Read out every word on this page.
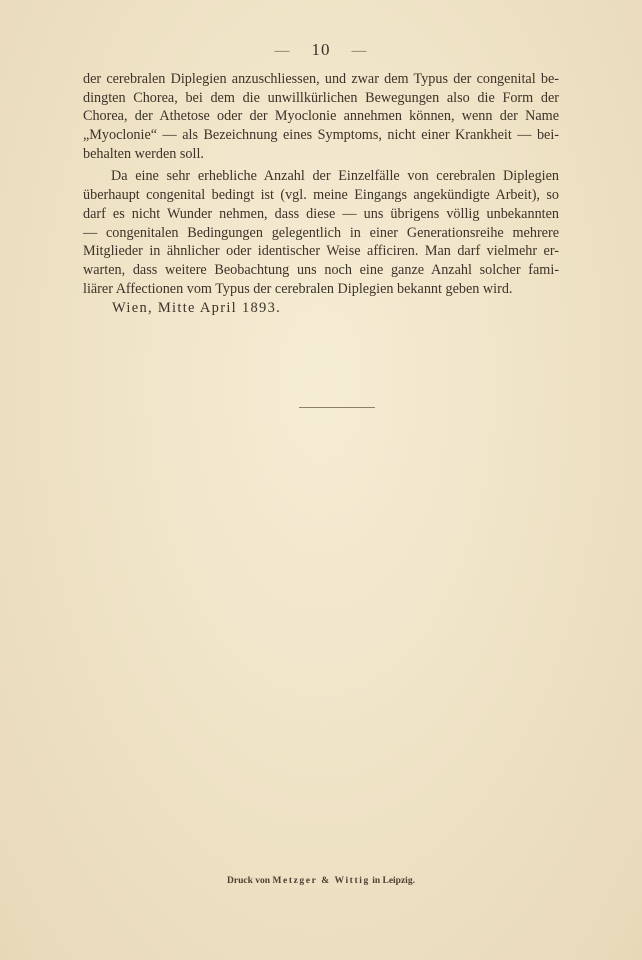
— 10 —
der cerebralen Diplegien anzuschliessen, und zwar dem Typus der congenital be-
dingten Chorea, bei dem die unwillkürlichen Bewegungen also die Form der
Chorea, der Athetose oder der Myoclonie annehmen können, wenn der Name
„Myoclonie“ — als Bezeichnung eines Symptoms, nicht einer Krankheit — bei-
behalten werden soll.
Da eine sehr erhebliche Anzahl der Einzelfälle von cerebralen Diplegien
überhaupt congenital bedingt ist (vgl. meine Eingangs angekündigte Arbeit), so
darf es nicht Wunder nehmen, dass diese — uns übrigens völlig unbekannten
— congenitalen Bedingungen gelegentlich in einer Generationsreihe mehrere
Mitglieder in ähnlicher oder identischer Weise afficiren. Man darf vielmehr er-
warten, dass weitere Beobachtung uns noch eine ganze Anzahl solcher fami-
liärer Affectionen vom Typus der cerebralen Diplegien bekannt geben wird.
Wien, Mitte April 1893.
Druck von Metzger & Wittig in Leipzig.
